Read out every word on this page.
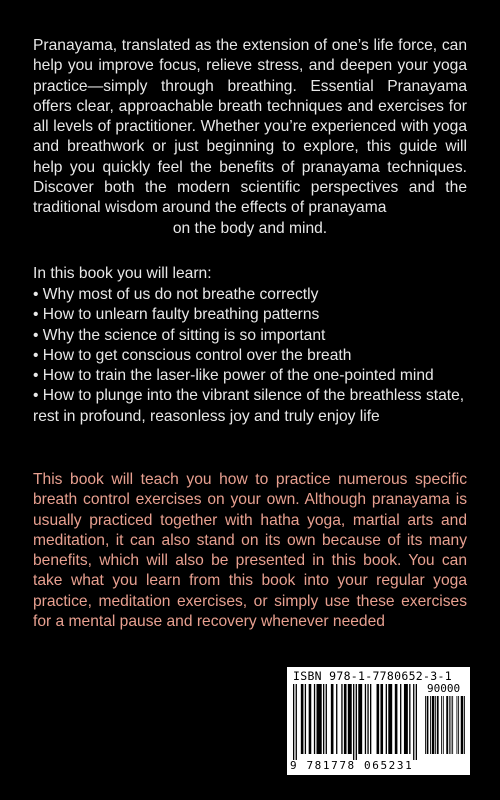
Pranayama, translated as the extension of one’s life force, can help you improve focus, relieve stress, and deepen your yoga practice—simply through breathing. Essential Pranayama offers clear, approachable breath techniques and exercises for all levels of practitioner. Whether you’re experienced with yoga and breathwork or just beginning to explore, this guide will help you quickly feel the benefits of pranayama techniques. Discover both the modern scientific perspectives and the traditional wisdom around the effects of pranayama
on the body and mind.

In this book you will learn:

• Why most of us do not breathe correctly
• How to unlearn faulty breathing patterns
• Why the science of sitting is so important
• How to get conscious control over the breath
• How to train the laser-like power of the one-pointed mind
• How to plunge into the vibrant silence of the breathless state, rest in profound, reasonless joy and truly enjoy life

This book will teach you how to practice numerous specific breath control exercises on your own. Although pranayama is usually practiced together with hatha yoga, martial arts and meditation, it can also stand on its own because of its many benefits, which will also be presented in this book. You can take what you learn from this book into your regular yoga practice, meditation exercises, or simply use these exercises for a mental pause and recovery whenever needed

ISBN 978-1-7780652-3-1
90000
9 781778 065231
